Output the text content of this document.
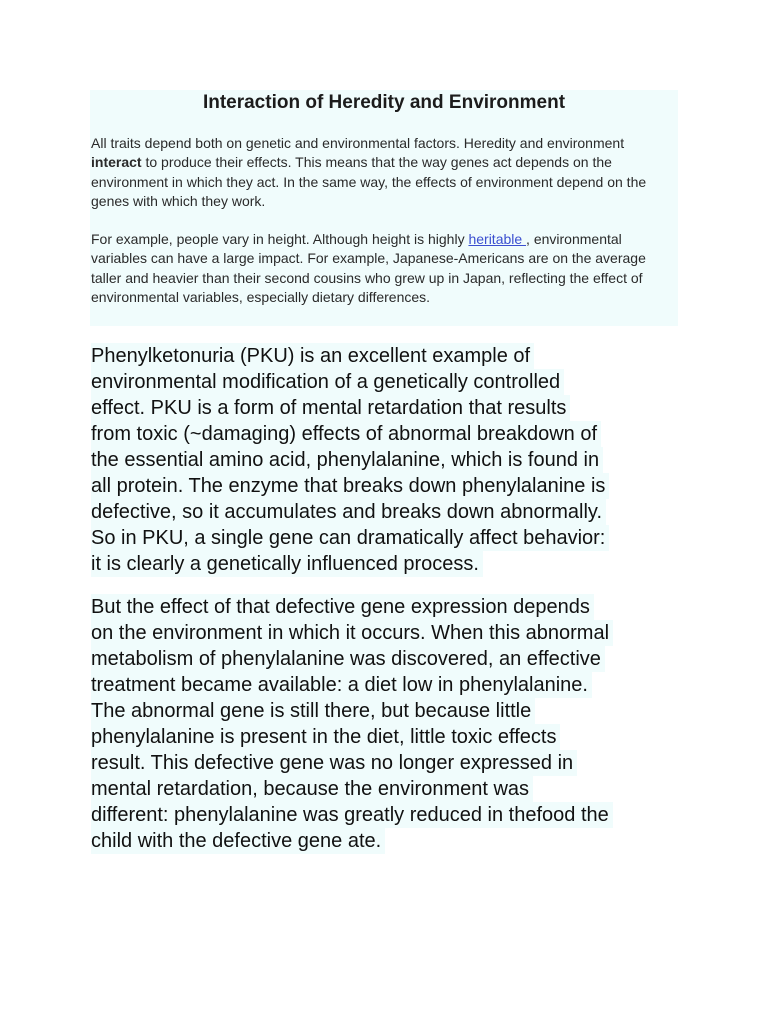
Interaction of Heredity and Environment

All traits depend both on genetic and environmental factors. Heredity and environment interact to produce their effects. This means that the way genes act depends on the environment in which they act. In the same way, the effects of environment depend on the genes with which they work.

For example, people vary in height. Although height is highly heritable , environmental variables can have a large impact. For example, Japanese-Americans are on the average taller and heavier than their second cousins who grew up in Japan, reflecting the effect of environmental variables, especially dietary differences.

Phenylketonuria (PKU) is an excellent example of
environmental modification of a genetically controlled
effect. PKU is a form of mental retardation that results
from toxic (~damaging) effects of abnormal breakdown of
the essential amino acid, phenylalanine, which is found in
all protein. The enzyme that breaks down phenylalanine is
defective, so it accumulates and breaks down abnormally.
So in PKU, a single gene can dramatically affect behavior:
it is clearly a genetically influenced process.

But the effect of that defective gene expression depends
on the environment in which it occurs. When this abnormal
metabolism of phenylalanine was discovered, an effective
treatment became available: a diet low in phenylalanine.
The abnormal gene is still there, but because little
phenylalanine is present in the diet, little toxic effects
result. This defective gene was no longer expressed in
mental retardation, because the environment was
different: phenylalanine was greatly reduced in thefood the
child with the defective gene ate.
